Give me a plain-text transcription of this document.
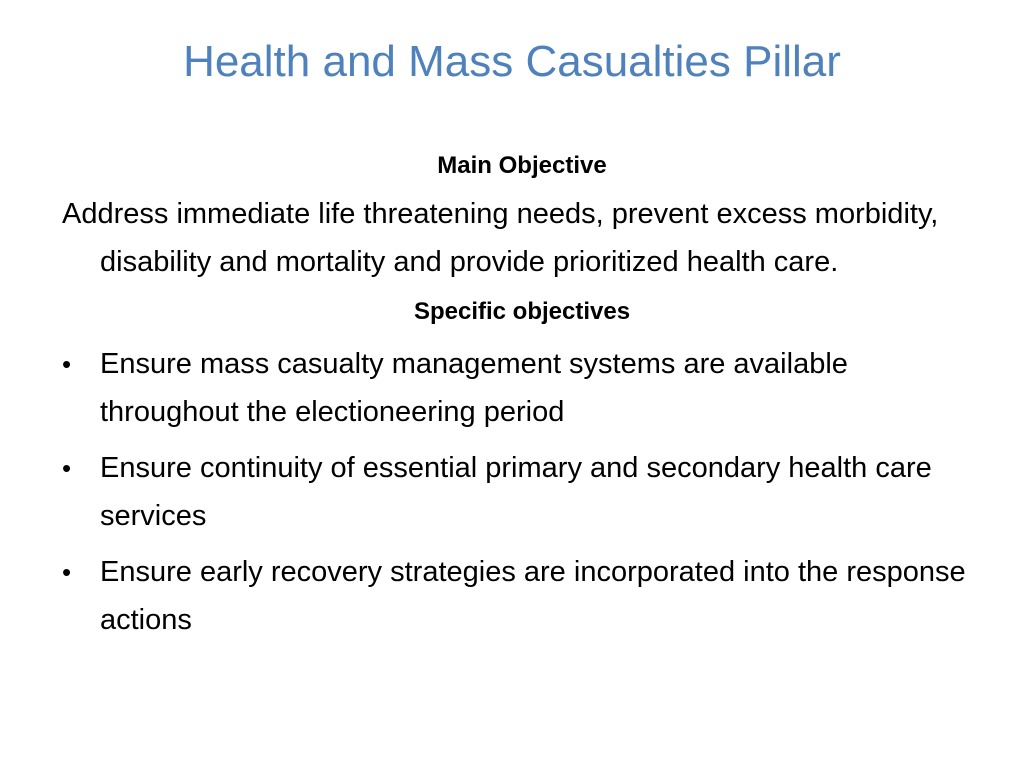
Health and Mass Casualties Pillar

Main Objective

Address immediate life threatening needs, prevent excess morbidity, disability and mortality and provide prioritized health care.

Specific objectives

• Ensure mass casualty management systems are available throughout the electioneering period
• Ensure continuity of essential primary and secondary health care services
• Ensure early recovery strategies are incorporated into the response actions
